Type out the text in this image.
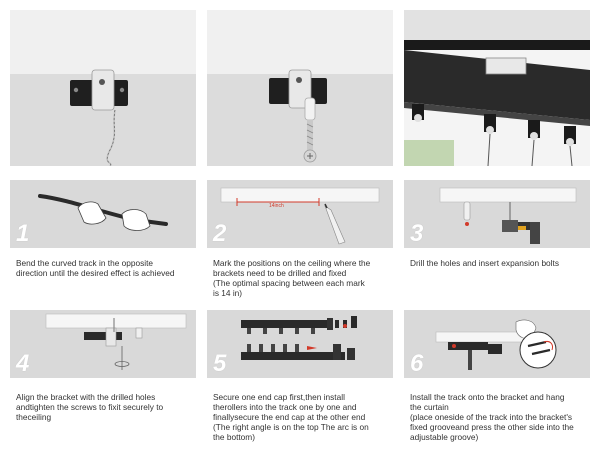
1
Bend the curved track in the opposite
direction until the desired effect is achieved
14inch
2
Mark the positions on the ceiling where the
brackets need to be drilled and fixed
(The optimal spacing between each mark
is 14 in)
3
Drill the holes and insert expansion bolts
4
Align the bracket with the drilled holes
andtighten the screws to fixit securely to
theceiling
5
Secure one end cap first,then install
therollers into the track one by one and
finallysecure the end cap at the other end
(The right angle is on the top The arc is on
the bottom)
6
Install the track onto the bracket and hang
the curtain
(place oneside of the track into the bracket's
fixed grooveand press the other side into the
adjustable groove)
